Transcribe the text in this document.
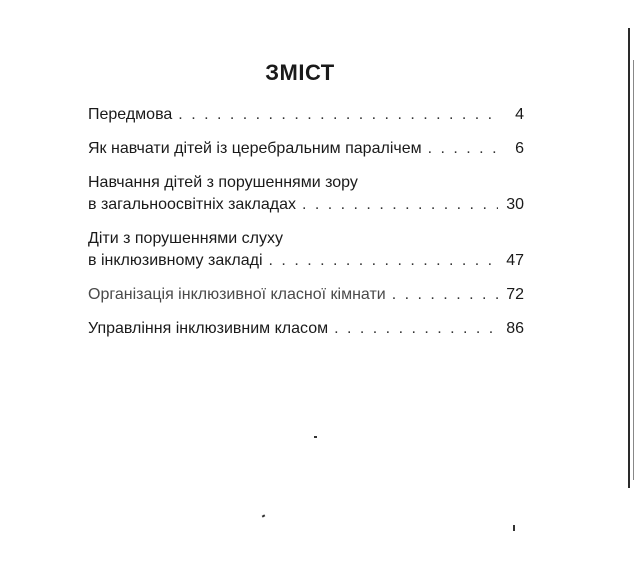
ЗМІСТ
Передмова . . .	4
Як навчати дітей із церебральним паралічем . . .	6
Навчання дітей з порушеннями зору
в загальноосвітніх закладах . . .	30
Діти з порушеннями слуху
в інклюзивному закладі . . .	47
Організація інклюзивної класної кімнати . . .	72
Управління інклюзивним класом . . .	86
